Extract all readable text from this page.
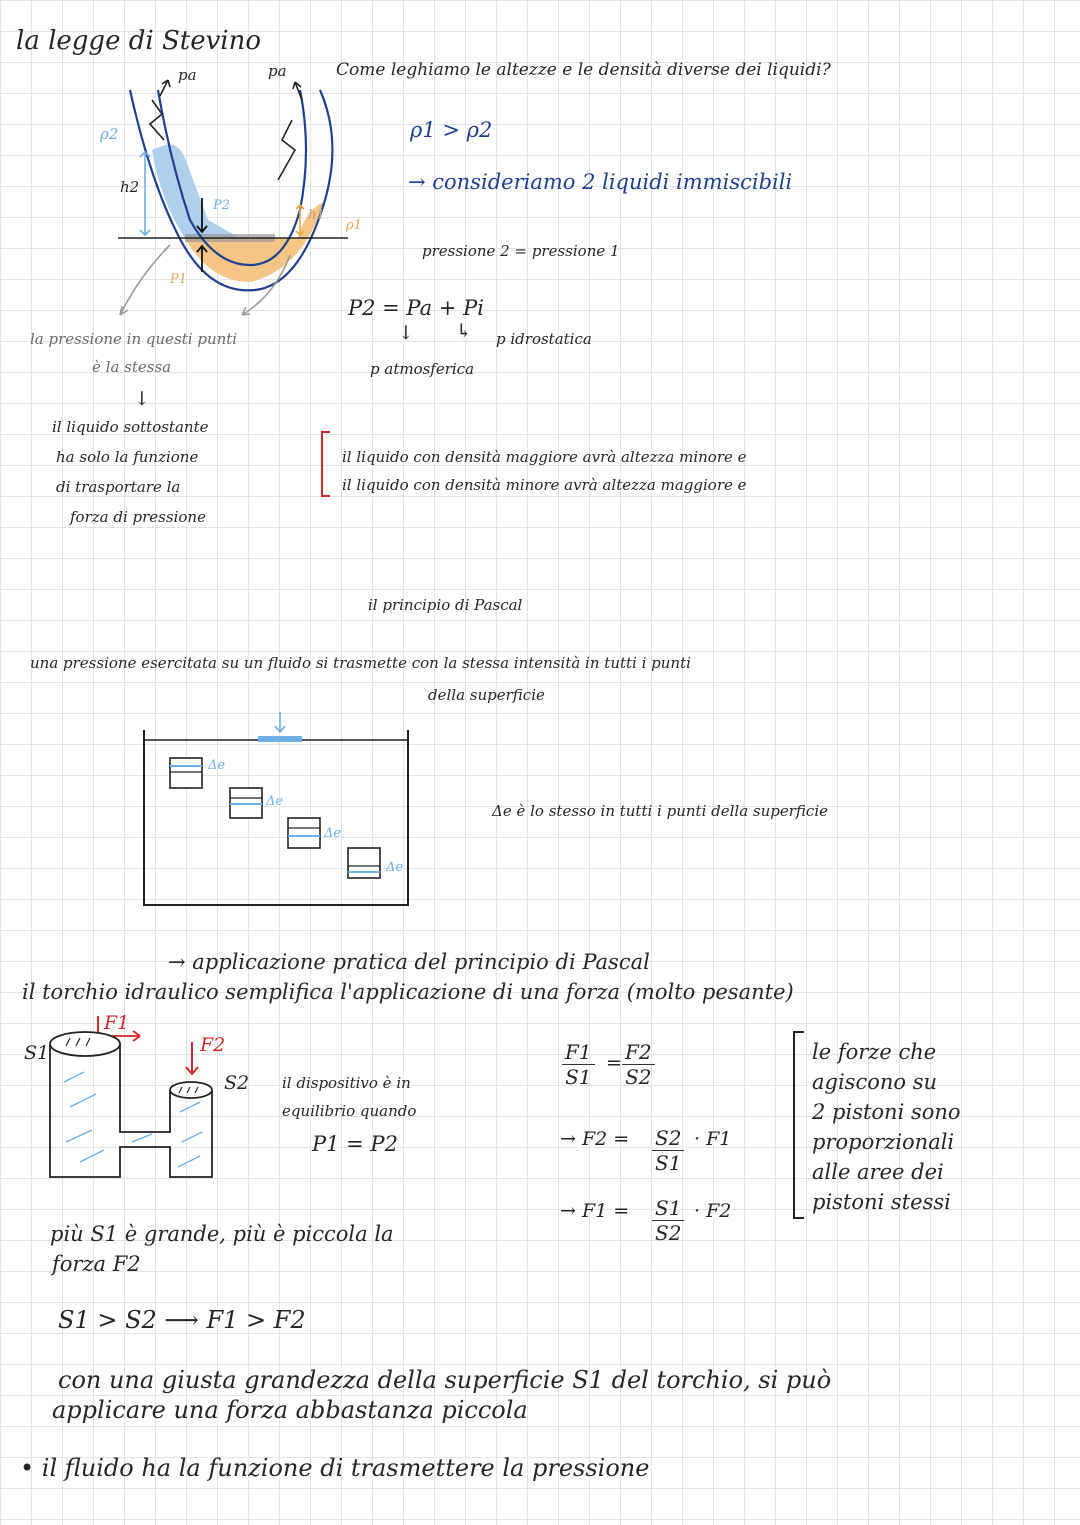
la legge di Stevino
Come leghiamo le altezze e le densità diverse dei liquidi?
pa	pa
ρ2
h2
P2
h1
ρ1
P1
ρ1 > ρ2
→ consideriamo 2 liquidi immiscibili
pressione 2 = pressione 1
P2 = Pa + Pi
↓ ↳ p idrostatica
p atmosferica
la pressione in questi punti
è la stessa
↓
il liquido sottostante
ha solo la funzione
di trasportare la
forza di pressione
il liquido con densità maggiore avrà altezza minore e
il liquido con densità minore avrà altezza maggiore e
il principio di Pascal
una pressione esercitata su un fluido si trasmette con la stessa intensità in tutti i punti
della superficie
Δe
Δe
Δe
Δe
Δe è lo stesso in tutti i punti della superficie
→ applicazione pratica del principio di Pascal
il torchio idraulico semplifica l'applicazione di una forza (molto pesante)
F1
F2
S1
S2 il dispositivo è in
equilibrio quando
P1 = P2
$\frac{F1}{S1} = \frac{F2}{S2}$
→ $F2 = \frac{S2}{S1} \cdot F1$
→ $F1 = \frac{S1}{S2} \cdot F2$
le forze che
agiscono su
2 pistoni sono
proporzionali
alle aree dei
pistoni stessi
più S1 è grande, più è piccola la
forza F2
S1 > S2 ⟶ F1 > F2
con una giusta grandezza della superficie S1 del torchio, si può
applicare una forza abbastanza piccola
• il fluido ha la funzione di trasmettere la pressione
